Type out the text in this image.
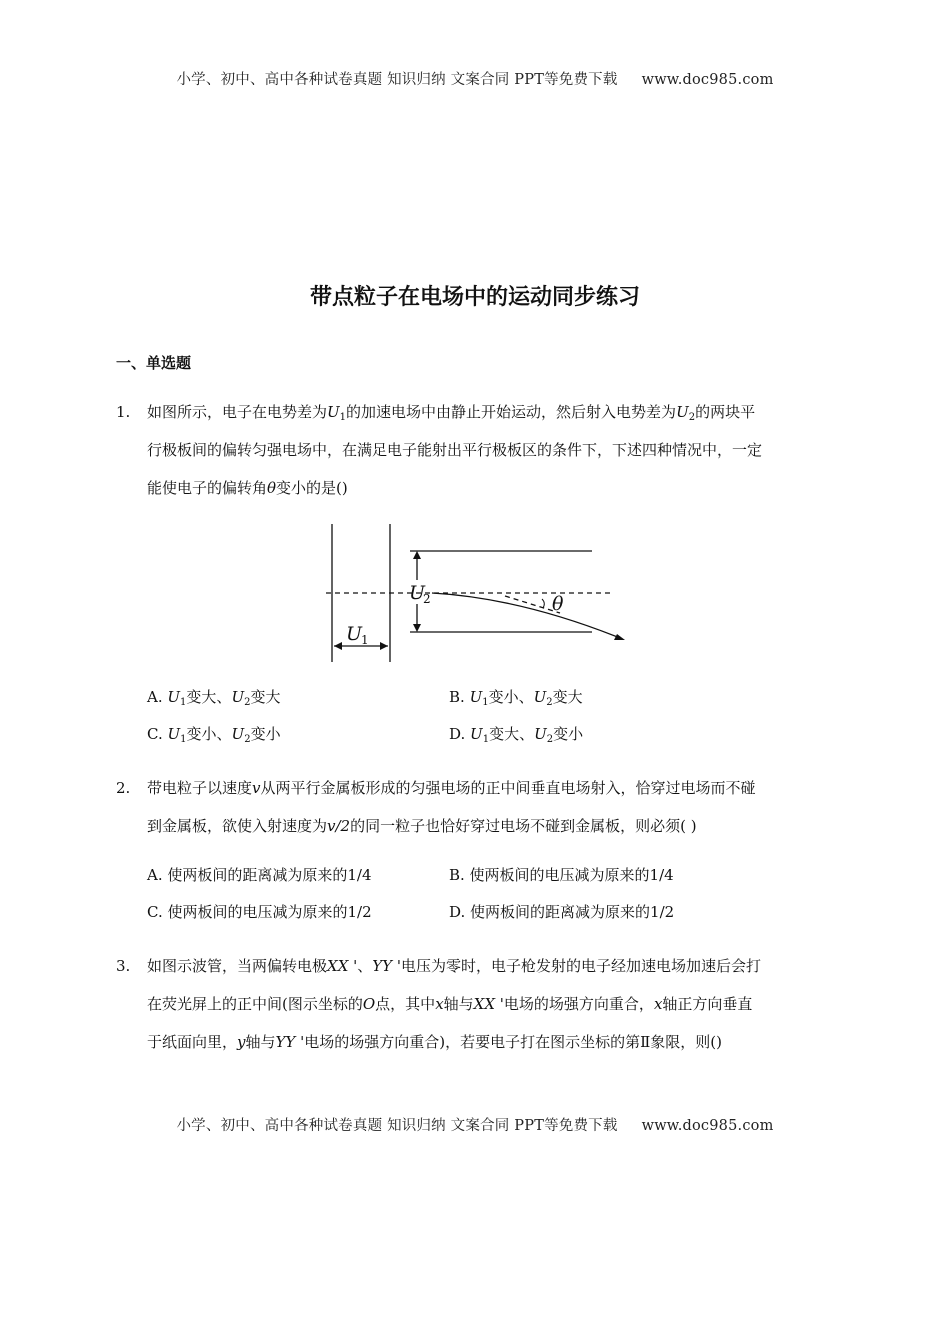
小学、初中、高中各种试卷真题 知识归纳 文案合同 PPT等免费下载 www.doc985.com
带点粒子在电场中的运动同步练习
一、单选题
1.	如图所示，电子在电势差为$U_1$的加速电场中由静止开始运动，然后射入电势差为$U_2$的两块平
行极板间的偏转匀强电场中，在满足电子能射出平行极板区的条件下，下述四种情况中，一定
能使电子的偏转角θ变小的是()
U
U
θ
2
1
A. $U_1$变大、$U_2$变大	B. $U_1$变小、$U_2$变大
C. $U_1$变小、$U_2$变小	D. $U_1$变大、$U_2$变小
2.	带电粒子以速度v从两平行金属板形成的匀强电场的正中间垂直电场射入，恰穿过电场而不碰
到金属板，欲使入射速度为v/2的同一粒子也恰好穿过电场不碰到金属板，则必须( )
A. 使两板间的距离减为原来的1/4	B. 使两板间的电压减为原来的1/4
C. 使两板间的电压减为原来的1/2	D. 使两板间的距离减为原来的1/2
3.	如图示波管，当两偏转电极XX '、YY '电压为零时，电子枪发射的电子经加速电场加速后会打
在荧光屏上的正中间(图示坐标的O点，其中x轴与XX '电场的场强方向重合，x轴正方向垂直
于纸面向里，y轴与YY '电场的场强方向重合)，若要电子打在图示坐标的第Ⅱ象限，则()
小学、初中、高中各种试卷真题 知识归纳 文案合同 PPT等免费下载 www.doc985.com
